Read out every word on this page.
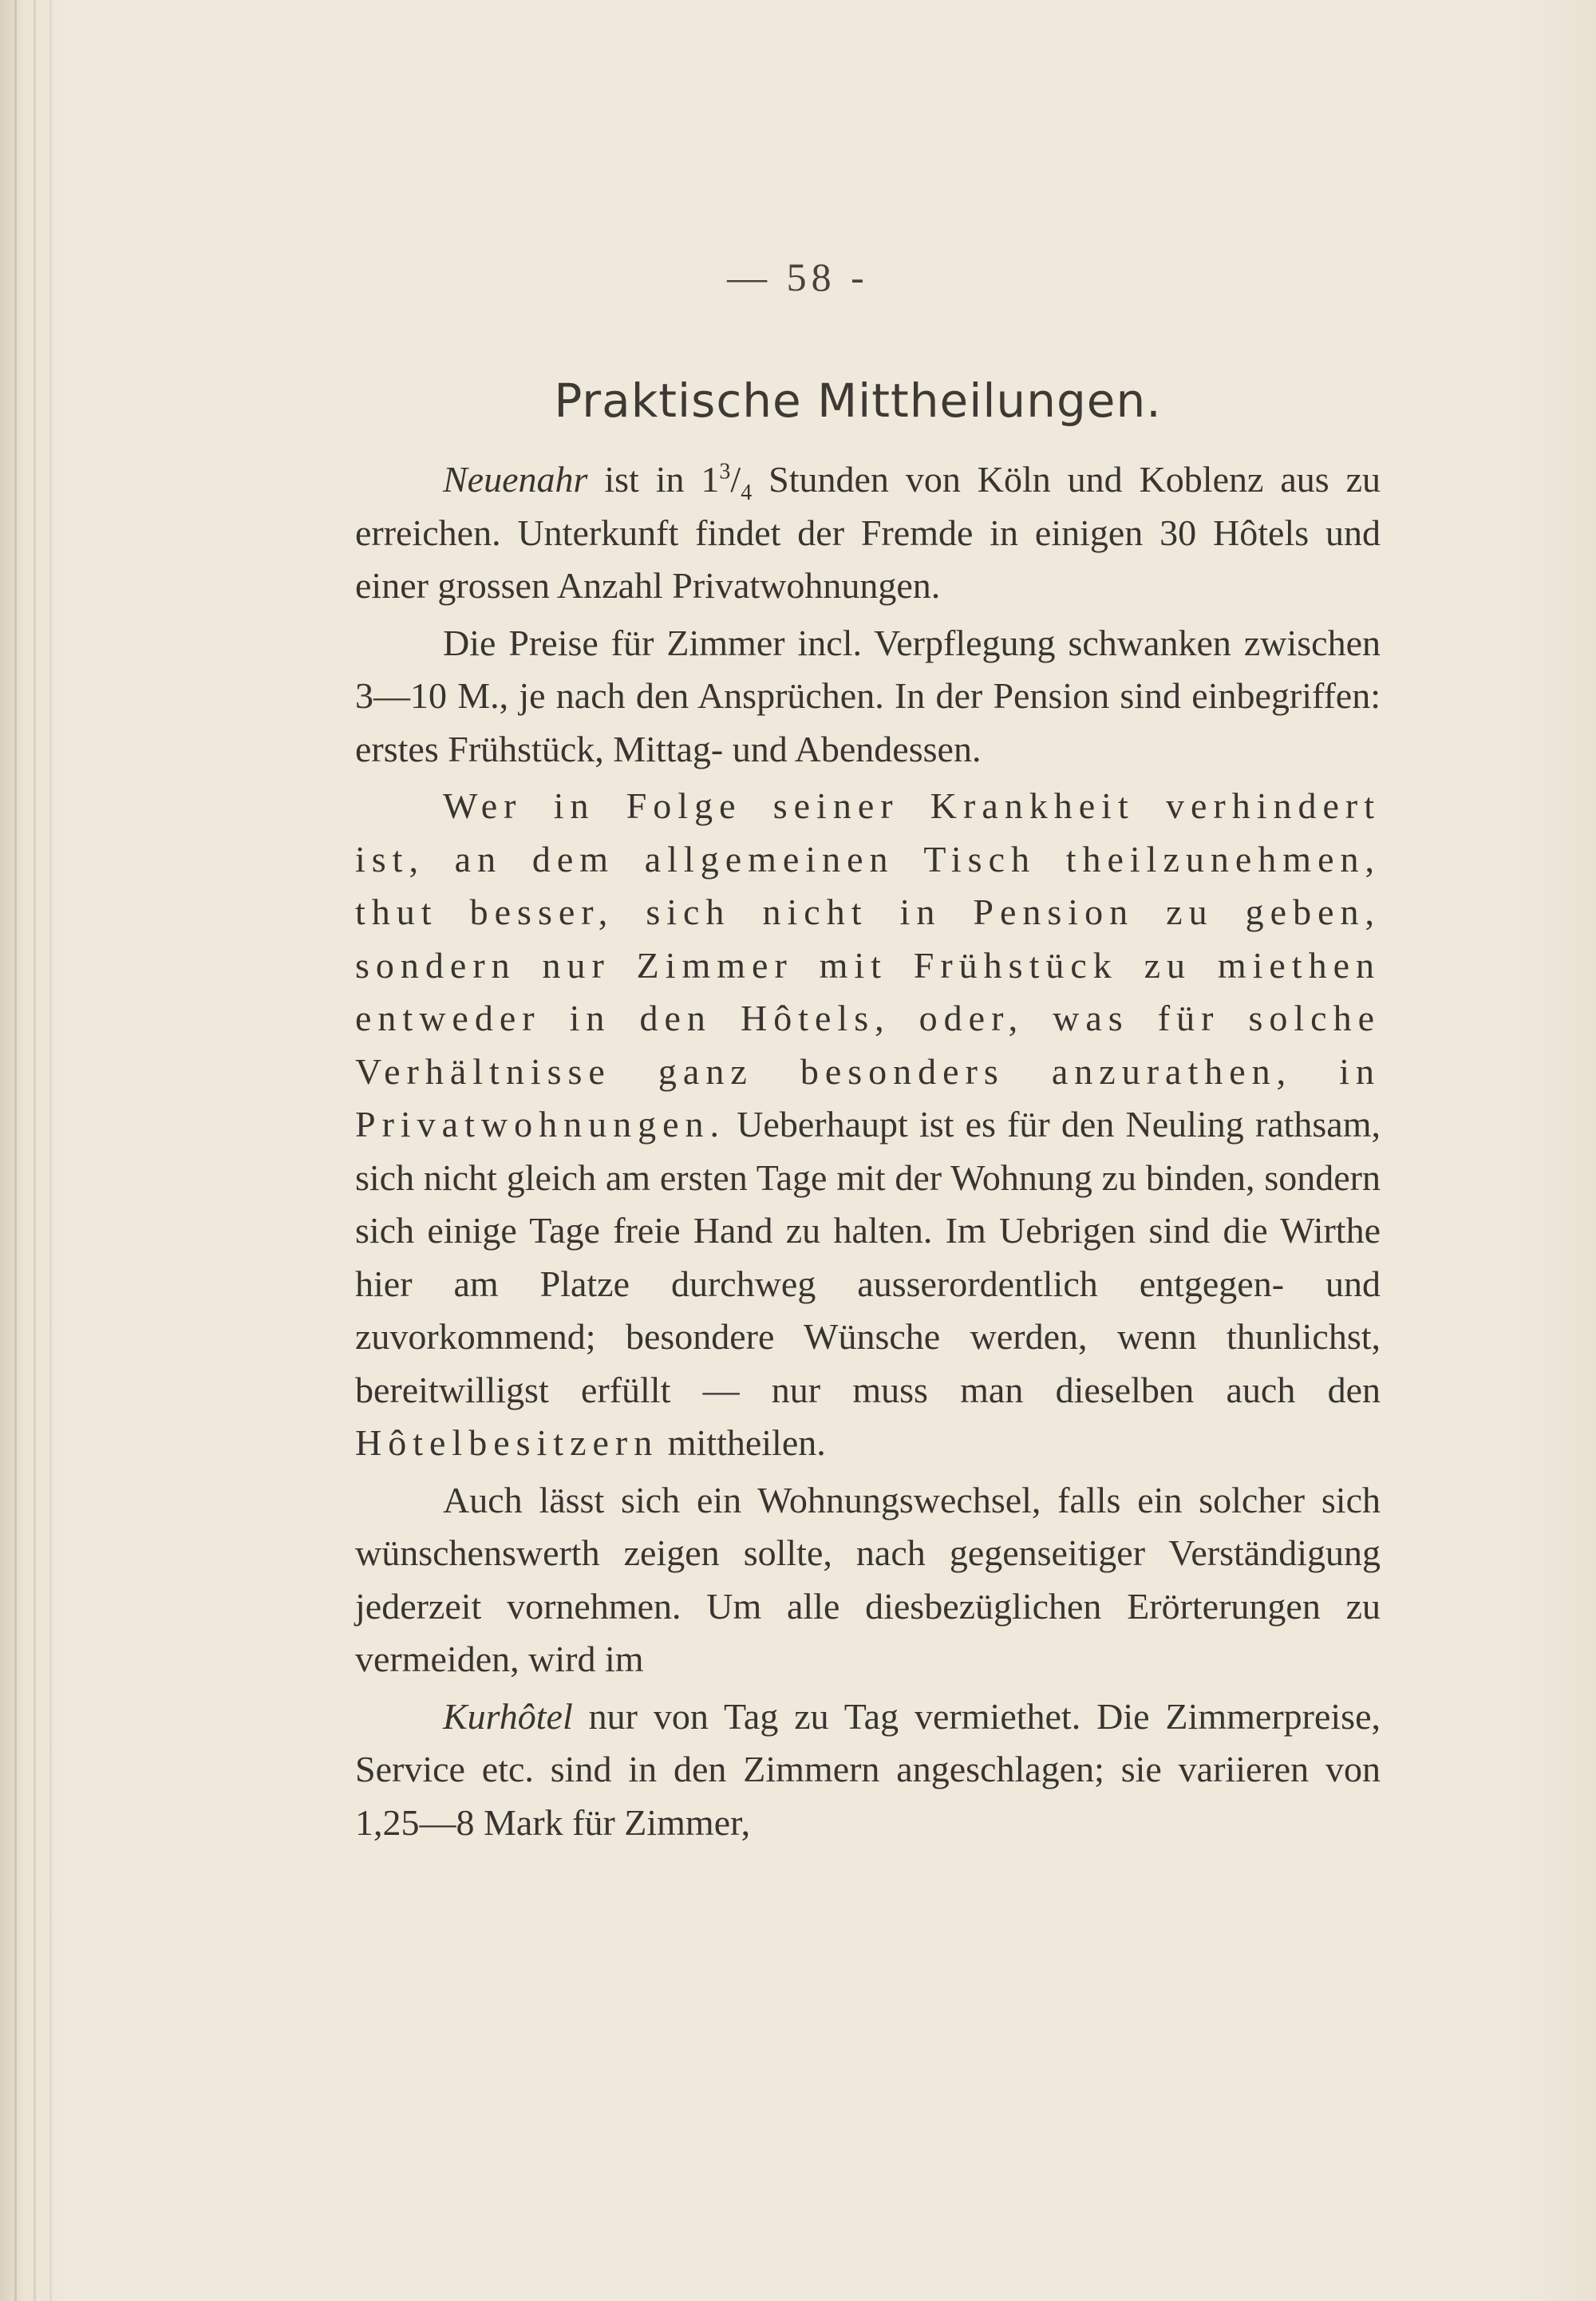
— 58 -
Praktische Mittheilungen.

Neuenahr ist in $1^3/_4$ Stunden von Köln und Koblenz aus zu erreichen. Unterkunft findet der Fremde in einigen 30 Hôtels und einer grossen Anzahl Privatwohnungen.

Die Preise für Zimmer incl. Verpflegung schwanken zwischen 3—10 M., je nach den Ansprüchen. In der Pension sind einbegriffen: erstes Frühstück, Mittag- und Abendessen.

Wer in Folge seiner Krankheit verhindert ist, an dem allgemeinen Tisch theilzunehmen, thut besser, sich nicht in Pension zu geben, sondern nur Zimmer mit Frühstück zu miethen entweder in den Hôtels, oder, was für solche Verhältnisse ganz besonders anzurathen, in Privatwohnungen. Ueberhaupt ist es für den Neuling rathsam, sich nicht gleich am ersten Tage mit der Wohnung zu binden, sondern sich einige Tage freie Hand zu halten. Im Uebrigen sind die Wirthe hier am Platze durchweg ausserordentlich entgegen- und zuvorkommend; besondere Wünsche werden, wenn thunlichst, bereitwilligst erfüllt — nur muss man dieselben auch den Hôtelbesitzern mittheilen.

Auch lässt sich ein Wohnungswechsel, falls ein solcher sich wünschenswerth zeigen sollte, nach gegenseitiger Verständigung jederzeit vornehmen. Um alle diesbezüglichen Erörterungen zu vermeiden, wird im

Kurhôtel nur von Tag zu Tag vermiethet. Die Zimmerpreise, Service etc. sind in den Zimmern angeschlagen; sie variieren von 1,25—8 Mark für Zimmer,
